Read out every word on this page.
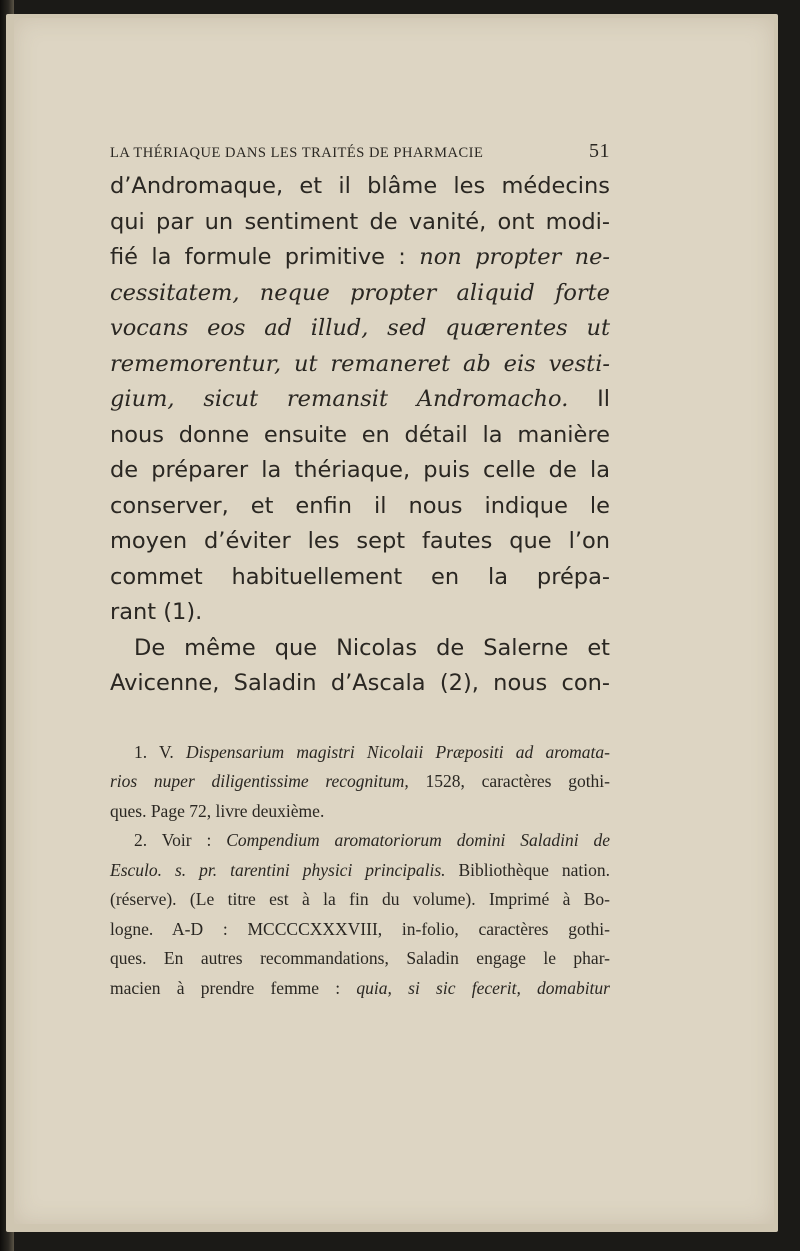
LA THÉRIAQUE DANS LES TRAITÉS DE PHARMACIE	51
d’Andromaque, et il blâme les médecins
qui par un sentiment de vanité, ont modi-
fié la formule primitive : non propter ne-
cessitatem, neque propter aliquid forte
vocans eos ad illud, sed quærentes ut
rememorentur, ut remaneret ab eis vesti-
gium, sicut remansit Andromacho. Il
nous donne ensuite en détail la manière
de préparer la thériaque, puis celle de la
conserver, et enfin il nous indique le
moyen d’éviter les sept fautes que l’on
commet habituellement en la prépa-
rant (1).
De même que Nicolas de Salerne et
Avicenne, Saladin d’Ascala (2), nous con-
1. V. Dispensarium magistri Nicolaii Præpositi ad aromata-
rios nuper diligentissime recognitum, 1528, caractères gothi-
ques. Page 72, livre deuxième.
2. Voir : Compendium aromatoriorum domini Saladini de
Esculo. s. pr. tarentini physici principalis. Bibliothèque nation.
(réserve). (Le titre est à la fin du volume). Imprimé à Bo-
logne. A-D : MCCCCXXXVIII, in-folio, caractères gothi-
ques. En autres recommandations, Saladin engage le phar-
macien à prendre femme : quia, si sic fecerit, domabitur
